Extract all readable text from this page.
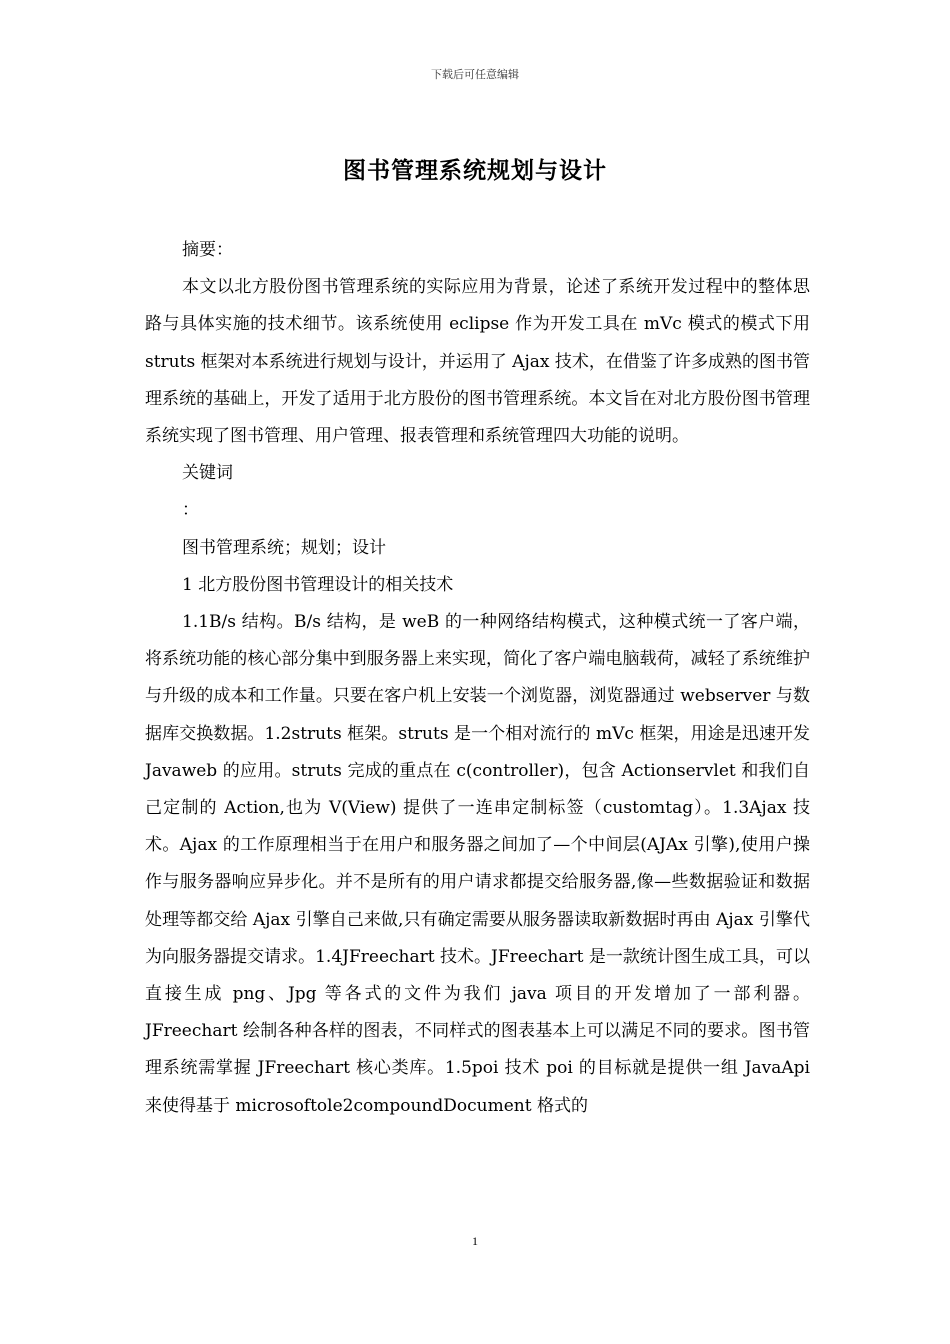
下载后可任意编辑
图书管理系统规划与设计

摘要：

本文以北方股份图书管理系统的实际应用为背景，论述了系统开发过程中的整体思路与具体实施的技术细节。该系统使用 eclipse 作为开发工具在 mVc 模式的模式下用 struts 框架对本系统进行规划与设计，并运用了 Ajax 技术，在借鉴了许多成熟的图书管理系统的基础上，开发了适用于北方股份的图书管理系统。本文旨在对北方股份图书管理系统实现了图书管理、用户管理、报表管理和系统管理四大功能的说明。

关键词

：

图书管理系统；规划；设计

1 北方股份图书管理设计的相关技术

1.1B/s 结构。B/s 结构，是 weB 的一种网络结构模式，这种模式统一了客户端，将系统功能的核心部分集中到服务器上来实现，简化了客户端电脑载荷，减轻了系统维护与升级的成本和工作量。只要在客户机上安装一个浏览器，浏览器通过 webserver 与数据库交换数据。1.2struts 框架。struts 是一个相对流行的 mVc 框架，用途是迅速开发 Javaweb 的应用。struts 完成的重点在 c(controller)，包含 Actionservlet 和我们自己定制的 Action,也为 V(View) 提供了一连串定制标签（customtag）。1.3Ajax 技术。Ajax 的工作原理相当于在用户和服务器之间加了—个中间层(AJAx 引擎),使用户操作与服务器响应异步化。并不是所有的用户请求都提交给服务器,像—些数据验证和数据处理等都交给 Ajax 引擎自己来做,只有确定需要从服务器读取新数据时再由 Ajax 引擎代为向服务器提交请求。1.4JFreechart 技术。JFreechart 是一款统计图生成工具，可以直接生成 png、Jpg 等各式的文件为我们 java 项目的开发增加了一部利器。JFreechart 绘制各种各样的图表，不同样式的图表基本上可以满足不同的要求。图书管理系统需掌握 JFreechart 核心类库。1.5poi 技术 poi 的目标就是提供一组 JavaApi 来使得基于 microsoftole2compoundDocument 格式的

1
